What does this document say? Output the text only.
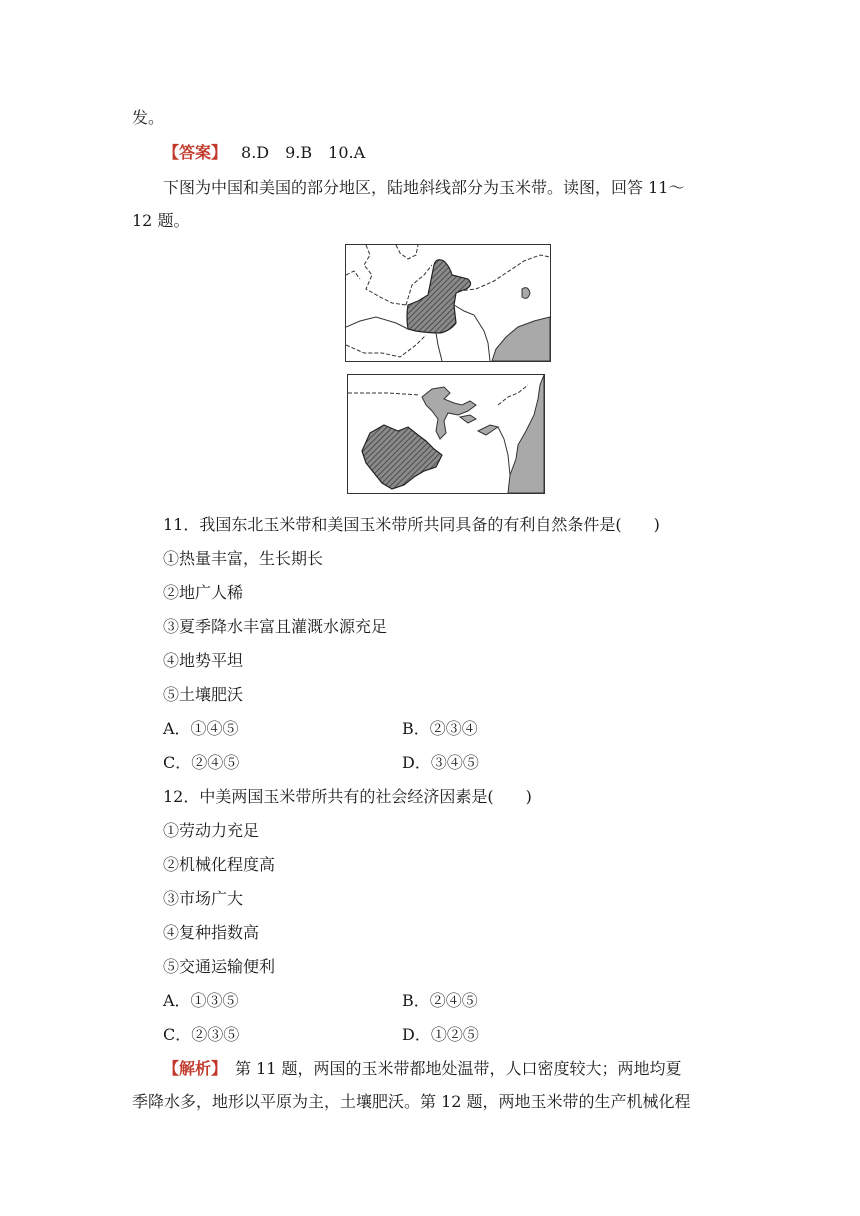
发。
【答案】 8.D　9.B　10.A
下图为中国和美国的部分地区，陆地斜线部分为玉米带。读图，回答 11～
12 题。
11．我国东北玉米带和美国玉米带所共同具备的有利自然条件是(　　)
①热量丰富，生长期长
②地广人稀
③夏季降水丰富且灌溉水源充足
④地势平坦
⑤土壤肥沃
A．①④⑤	B．②③④
C．②④⑤	D．③④⑤
12．中美两国玉米带所共有的社会经济因素是(　　)
①劳动力充足
②机械化程度高
③市场广大
④复种指数高
⑤交通运输便利
A．①③⑤	B．②④⑤
C．②③⑤	D．①②⑤
【解析】　第 11 题，两国的玉米带都地处温带，人口密度较大；两地均夏
季降水多，地形以平原为主，土壤肥沃。第 12 题，两地玉米带的生产机械化程
